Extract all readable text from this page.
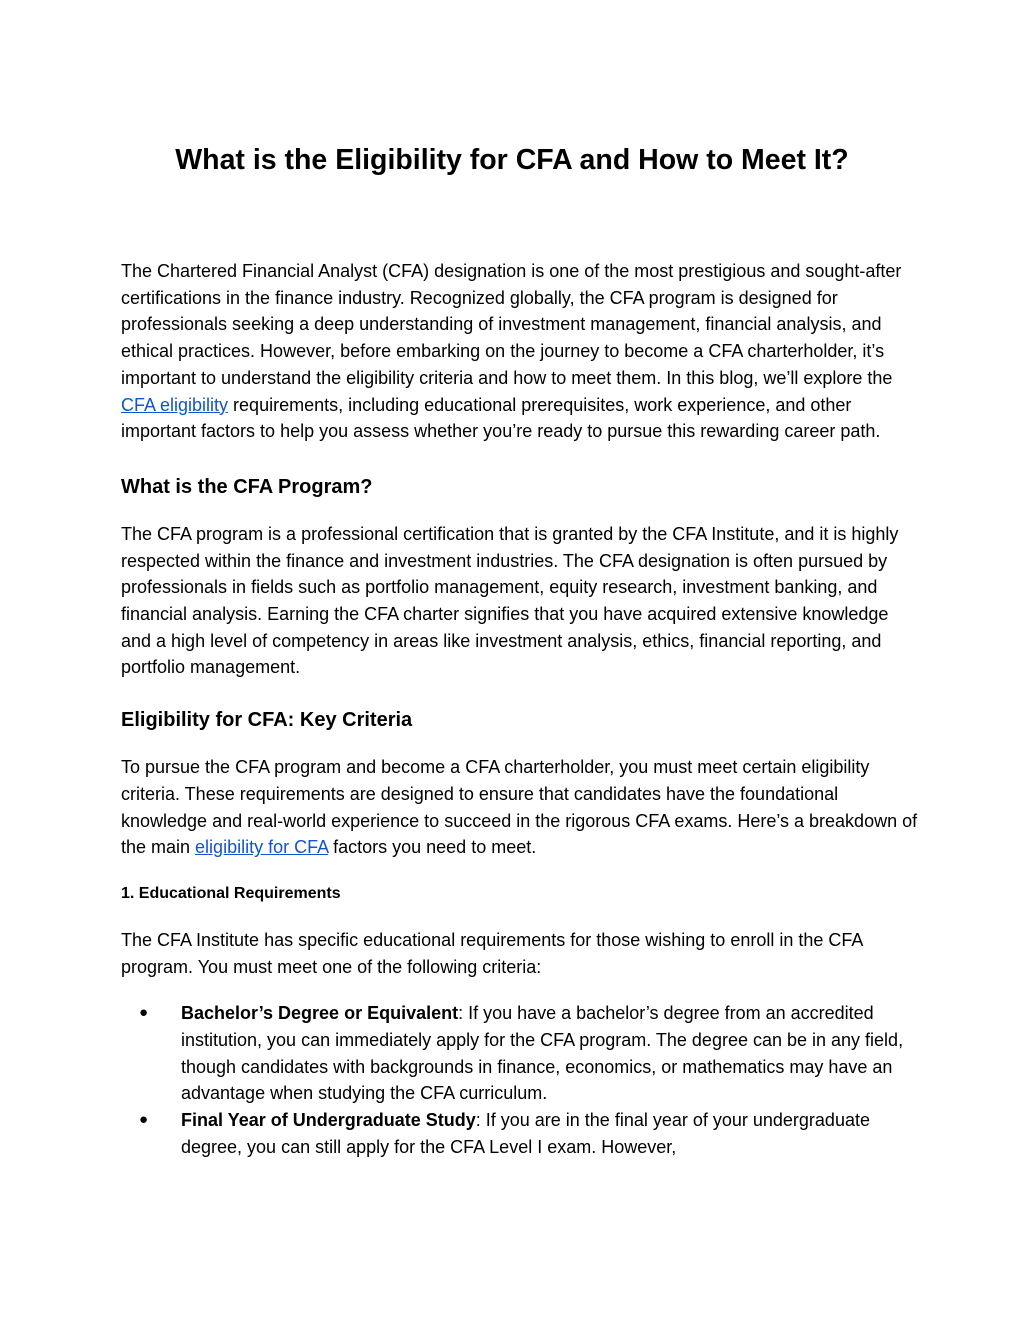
What is the Eligibility for CFA and How to Meet It?

The Chartered Financial Analyst (CFA) designation is one of the most prestigious and sought-after certifications in the finance industry. Recognized globally, the CFA program is designed for professionals seeking a deep understanding of investment management, financial analysis, and ethical practices. However, before embarking on the journey to become a CFA charterholder, it’s important to understand the eligibility criteria and how to meet them. In this blog, we’ll explore the CFA eligibility requirements, including educational prerequisites, work experience, and other important factors to help you assess whether you’re ready to pursue this rewarding career path.

What is the CFA Program?

The CFA program is a professional certification that is granted by the CFA Institute, and it is highly respected within the finance and investment industries. The CFA designation is often pursued by professionals in fields such as portfolio management, equity research, investment banking, and financial analysis. Earning the CFA charter signifies that you have acquired extensive knowledge and a high level of competency in areas like investment analysis, ethics, financial reporting, and portfolio management.

Eligibility for CFA: Key Criteria

To pursue the CFA program and become a CFA charterholder, you must meet certain eligibility criteria. These requirements are designed to ensure that candidates have the foundational knowledge and real-world experience to succeed in the rigorous CFA exams. Here’s a breakdown of the main eligibility for CFA factors you need to meet.

1. Educational Requirements

The CFA Institute has specific educational requirements for those wishing to enroll in the CFA program. You must meet one of the following criteria:

● Bachelor’s Degree or Equivalent: If you have a bachelor’s degree from an accredited institution, you can immediately apply for the CFA program. The degree can be in any field, though candidates with backgrounds in finance, economics, or mathematics may have an advantage when studying the CFA curriculum.
● Final Year of Undergraduate Study: If you are in the final year of your undergraduate degree, you can still apply for the CFA Level I exam. However,
